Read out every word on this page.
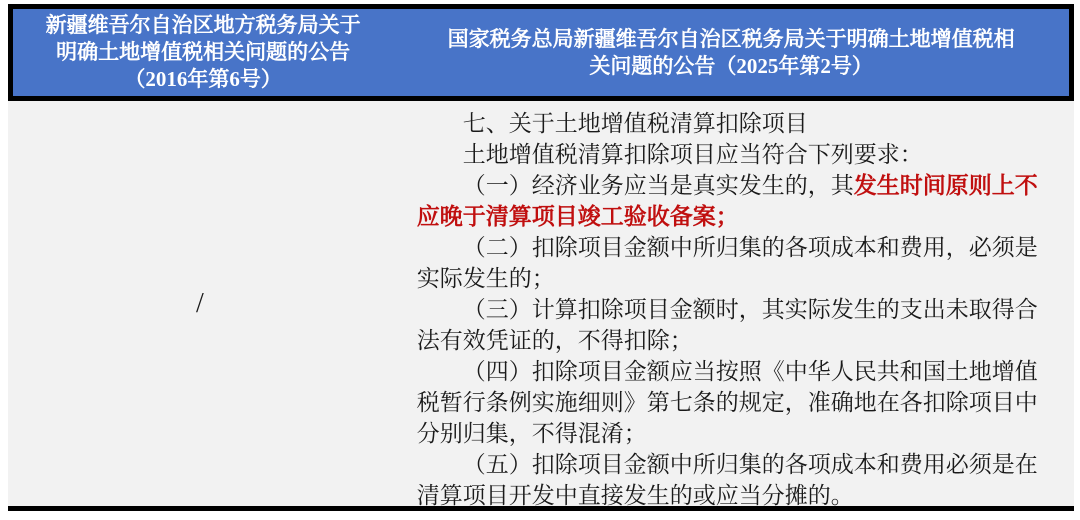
新疆维吾尔自治区地方税务局关于
明确土地增值税相关问题的公告
（2016年第6号）
国家税务总局新疆维吾尔自治区税务局关于明确土地增值税相
关问题的公告（2025年第2号）
/

七、关于土地增值税清算扣除项目

土地增值税清算扣除项目应当符合下列要求：

（一）经济业务应当是真实发生的，其发生时间原则上不应晚于清算项目竣工验收备案；

（二）扣除项目金额中所归集的各项成本和费用，必须是实际发生的；

（三）计算扣除项目金额时，其实际发生的支出未取得合法有效凭证的，不得扣除；

（四）扣除项目金额应当按照《中华人民共和国土地增值税暂行条例实施细则》第七条的规定，准确地在各扣除项目中分别归集，不得混淆；

（五）扣除项目金额中所归集的各项成本和费用必须是在清算项目开发中直接发生的或应当分摊的。
